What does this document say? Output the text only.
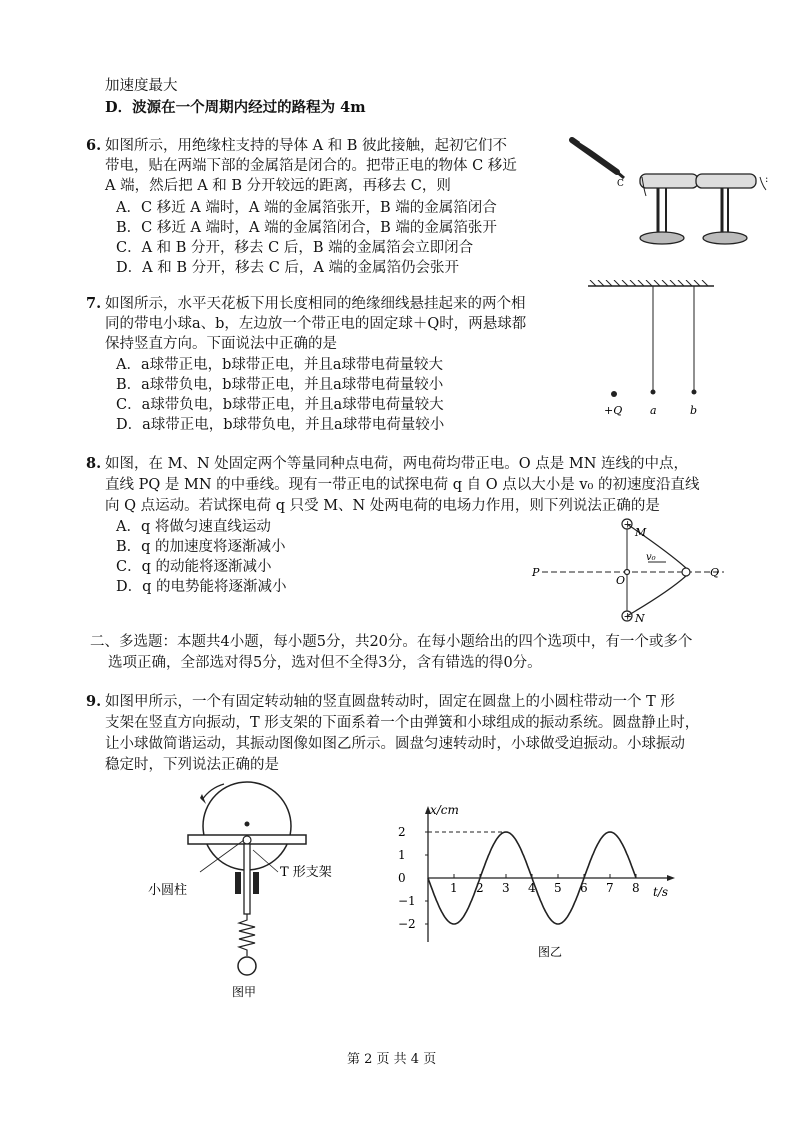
加速度最大
D．波源在一个周期内经过的路程为 4m
6. 如图所示，用绝缘柱支持的导体 A 和 B 彼此接触，起初它们不
带电，贴在两端下部的金属箔是闭合的。把带正电的物体 C 移近
A 端，然后把 A 和 B 分开较远的距离，再移去 C，则
A．C 移近 A 端时，A 端的金属箔张开，B 端的金属箔闭合
B．C 移近 A 端时，A 端的金属箔闭合，B 端的金属箔张开
C．A 和 B 分开，移去 C 后，B 端的金属箔会立即闭合
D．A 和 B 分开，移去 C 后，A 端的金属箔仍会张开
C	:
7. 如图所示，水平天花板下用长度相同的绝缘细线悬挂起来的两个相
同的带电小球a、b，左边放一个带正电的固定球＋Q时，两悬球都
保持竖直方向。下面说法中正确的是
A．a球带正电，b球带正电，并且a球带电荷量较大
B．a球带负电，b球带正电，并且a球带电荷量较小
C．a球带负电，b球带正电，并且a球带电荷量较大
D．a球带正电，b球带负电，并且a球带电荷量较小
+Q	a	b
8. 如图，在 M、N 处固定两个等量同种点电荷，两电荷均带正电。O 点是 MN 连线的中点，
直线 PQ 是 MN 的中垂线。现有一带正电的试探电荷 q 自 O 点以大小是 v₀ 的初速度沿直线
向 Q 点运动。若试探电荷 q 只受 M、N 处两电荷的电场力作用，则下列说法正确的是
A．q 将做匀速直线运动
B．q 的加速度将逐渐减小
C．q 的动能将逐渐减小
D．q 的电势能将逐渐减小
+
+
M
N
P
O
Q
v₀
二、多选题：本题共4小题，每小题5分，共20分。在每小题给出的四个选项中，有一个或多个
选项正确，全部选对得5分，选对但不全得3分，含有错选的得0分。
9. 如图甲所示，一个有固定转动轴的竖直圆盘转动时，固定在圆盘上的小圆柱带动一个 T 形
支架在竖直方向振动，T 形支架的下面系着一个由弹簧和小球组成的振动系统。圆盘静止时，
让小球做简谐运动，其振动图像如图乙所示。圆盘匀速转动时，小球做受迫振动。小球振动
稳定时，下列说法正确的是
T 形支架
小圆柱
图甲
x/cm
t/s
2
1
0
−1
−2
1 2 3 4 5 6 7 8
图乙
第 2 页 共 4 页
